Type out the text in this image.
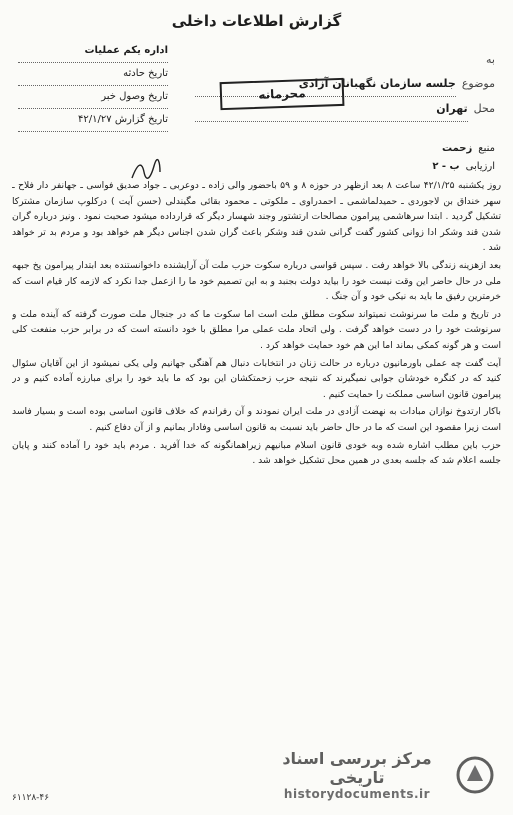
گزارش اطلاعات داخلی
اداره یکم عملیات
تاریخ حادثه
تاریخ وصول خبر
تاریخ گزارش ۴۲/۱/۲۷
به
موضوع
جلسه سازمان نگهبانان آزادی
محل
تهران
محرمانه
منبع
زحمت
ارزیابی
ب - ۲

روز یکشنبه ۴۲/۱/۲۵ ساعت ۸ بعد ازظهر در حوزه ۸ و ۵۹ باحضور والی زاده ـ دوعربی ـ جواد صدیق فواسی ـ جهانفر دار فلاح ـ سهر خنداق بن لاجوردی ـ حمیدلماشمی ـ احمدراوی ـ ملکوتی ـ محمود بقائی مگیندلی (حسن آیت ) درکلوپ سازمان مشترکا تشکیل گردید . ابتدا سرهاشمی پیرامون مصالحات ارتشتور وجند شهسار دیگر که قرارداده میشود صحبت نمود . ونیز درباره گران شدن قند وشکر ادا زوانی کشور گفت گرانی شدن قند وشکر باعث گران شدن اجناس دیگر هم خواهد بود و مردم بد تر خواهد شد .

بعد ازهزینه زندگی بالا خواهد رفت . سپس قواسی درباره سکوت حزب ملت آن آرایشنده داخوانستنده بعد ابتدار پیرامون پخ جبهه ملی در حال حاضر این وقت نیست خود را بیاید دولت بجنبد و به این تصمیم خود ما را ازعمل جدا نکرد که لازمه کار قیام است که خرمترین رفیق ما باید به نیکی خود و آن جنگ .

در تاریخ و ملت ما سرنوشت نمیتواند سکوت مطلق ملت است اما سکوت ما که در جنجال ملت صورت گرفته که آینده ملت و سرنوشت خود را در دست خواهد گرفت . ولی اتحاد ملت عملی مرا مطلق با خود دانسته است که در برابر حزب منفعت کلی است و هر گونه کمکی بماند اما این هم خود حمایت خواهد کرد .

آیت گفت چه عملی باورمانیون درباره در حالت زنان در انتخابات دنبال هم آهنگی جهانیم ولی یکی نمیشود از این آقایان سئوال کنید که در کنگره خودشان جوابی نمیگیرند که نتیجه حزب زحمتکشان این بود که ما باید خود را برای مبارزه آماده کنیم و در پیرامون قانون اساسی مملکت را حمایت کنیم .

باکار ارتدوخ نوازان مبادات به نهضت آزادی در ملت ایران نمودند و آن رفراندم که خلاف قانون اساسی بوده است و بسیار فاسد است زیرا مقصود این است که ما در حال حاضر باید نسبت به قانون اساسی وفادار بمانیم و از آن دفاع کنیم .

حزب باین مطلب اشاره شده وبه خودی قانون اسلام مبانیهم زیراهمانگونه که خدا آفرید . مردم باید خود را آماده کنند و پایان جلسه اعلام شد که جلسه بعدی در همین محل تشکیل خواهد شد .

۶۱۱۲۸-۴۶
مرکز بررسی اسناد تاریخی
historydocuments.ir
